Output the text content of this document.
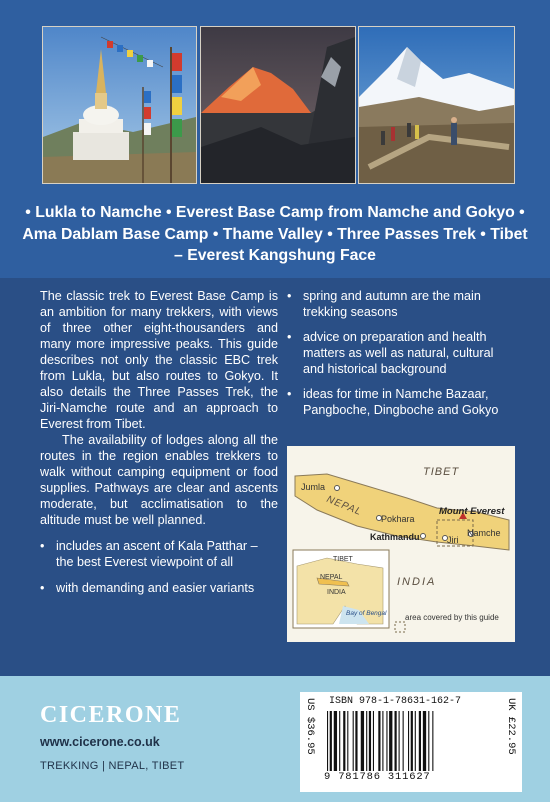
• Lukla to Namche • Everest Base Camp from Namche and Gokyo • Ama Dablam Base Camp • Thame Valley • Three Passes Trek • Tibet – Everest Kangshung Face

The classic trek to Everest Base Camp is an ambition for many trekkers, with views of three other eight-thousanders and many more impressive peaks. This guide describes not only the classic EBC trek from Lukla, but also routes to Gokyo. It also details the Three Passes Trek, the Jiri-Namche route and an approach to Everest from Tibet.

The availability of lodges along all the routes in the region enables trekkers to walk without camping equipment or food supplies. Pathways are clear and ascents moderate, but acclimatisation to the altitude must be well planned.

• includes an ascent of Kala Patthar – the best Everest viewpoint of all
• with demanding and easier variants
• spring and autumn are the main trekking seasons
• advice on preparation and health matters as well as natural, cultural and historical background
• ideas for time in Namche Bazaar, Pangboche, Dingboche and Gokyo
TIBET
NEPAL
INDIA
Jumla
Pokhara
Kathmandu	Jiri
Namche
Mount Everest
area covered by this guide
TIBET
NEPAL
INDIA
Bay of Bengal
CICERONE
www.cicerone.co.uk
TREKKING | NEPAL, TIBET
ISBN 978-1-78631-162-7
US $36.95	UK £22.95
9 781786 311627
